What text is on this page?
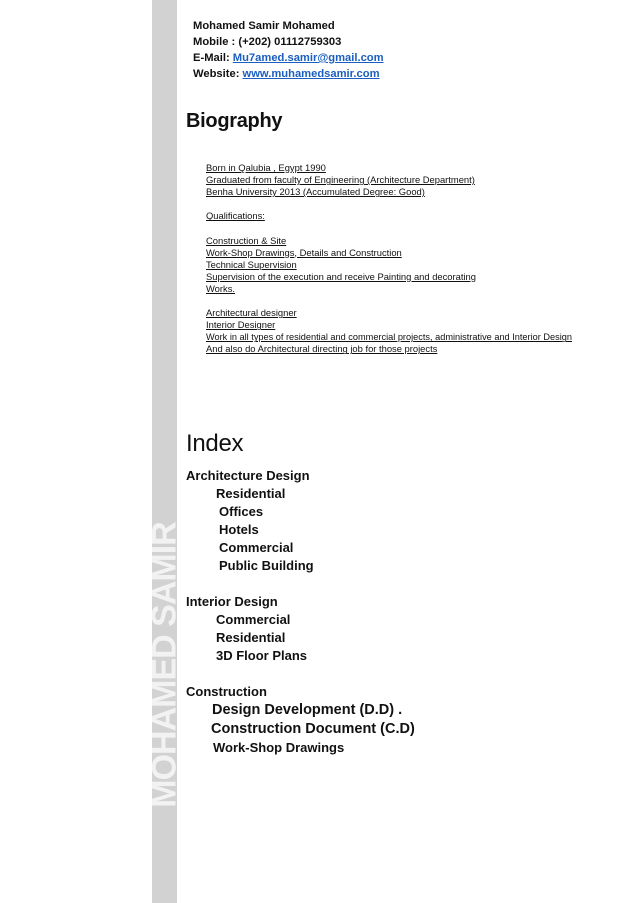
MOHAMED SAMIR
Mohamed Samir Mohamed
Mobile : (+202) 01112759303
E-Mail: Mu7amed.samir@gmail.com
Website: www.muhamedsamir.com
Biography
Born in Qalubia , Egypt 1990
Graduated from faculty of Engineering (Architecture Department)
Benha University 2013 (Accumulated Degree: Good)
Qualifications:
Construction & Site
Work-Shop Drawings, Details and Construction
Technical Supervision
Supervision of the execution and receive Painting and decorating
Works.
Architectural designer
Interior Designer
Work in all types of residential and commercial projects, administrative and Interior Design
And also do Architectural directing job for those projects
Index
Architecture Design
Residential
Offices
Hotels
Commercial
Public Building
Interior Design
Commercial
Residential
3D Floor Plans
Construction
Design Development (D.D) .
Construction Document (C.D)
Work-Shop Drawings
